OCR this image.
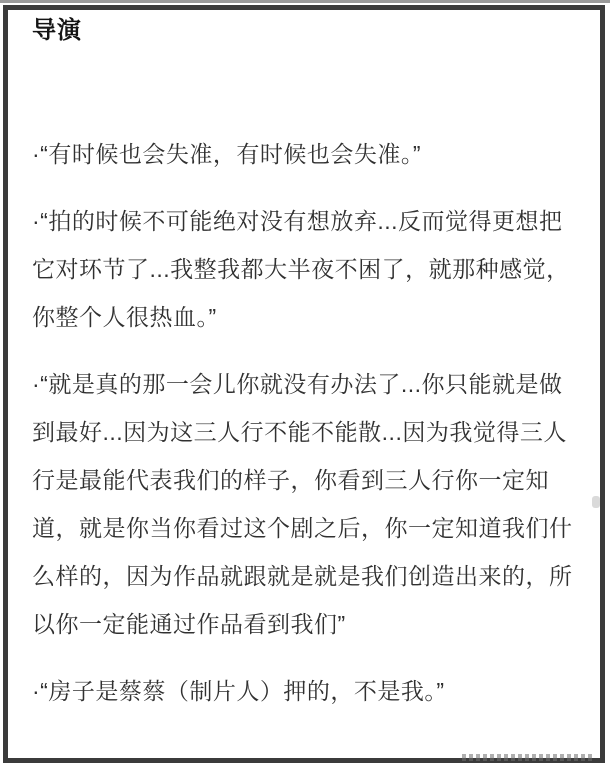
导演

·“有时候也会失准，有时候也会失准。”

·“拍的时候不可能绝对没有想放弃...反而觉得更想把它对环节了...我整我都大半夜不困了，就那种感觉，你整个人很热血。”

·“就是真的那一会儿你就没有办法了...你只能就是做到最好...因为这三人行不能不能散...因为我觉得三人行是最能代表我们的样子，你看到三人行你一定知道，就是你当你看过这个剧之后，你一定知道我们什么样的，因为作品就跟就是就是我们创造出来的，所以你一定能通过作品看到我们”

·“房子是蔡蔡（制片人）押的，不是我。”
